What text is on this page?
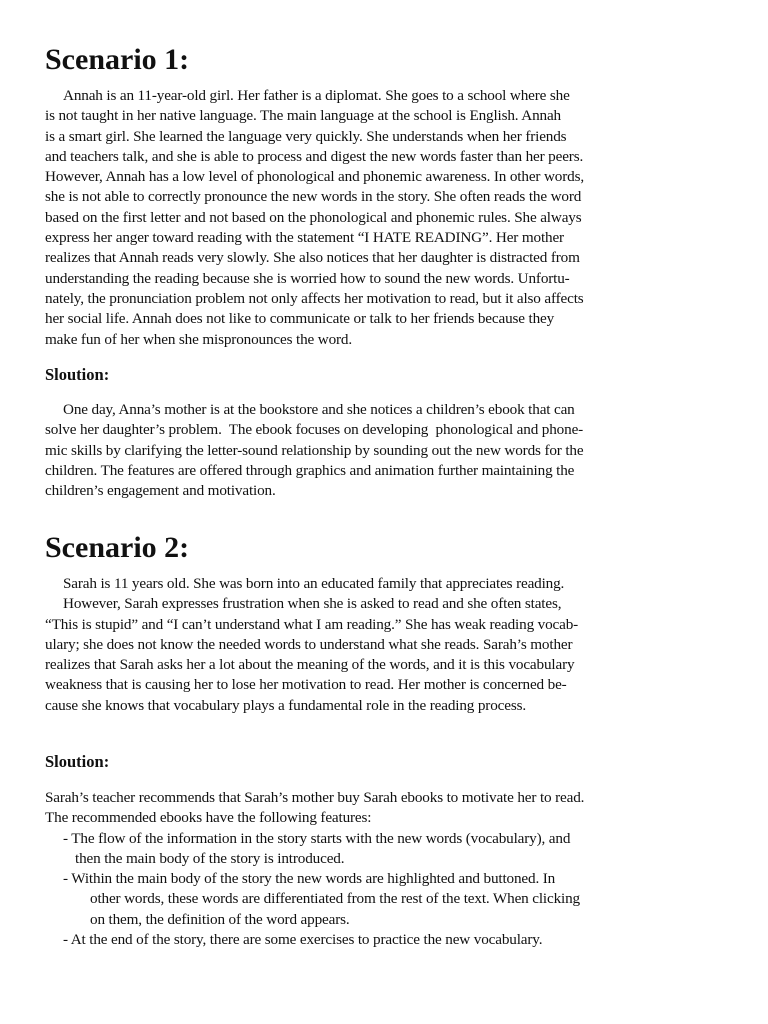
Scenario 1:
Annah is an 11-year-old girl. Her father is a diplomat. She goes to a school where she
is not taught in her native language. The main language at the school is English. Annah
is a smart girl. She learned the language very quickly. She understands when her friends
and teachers talk, and she is able to process and digest the new words faster than her peers.
However, Annah has a low level of phonological and phonemic awareness. In other words,
she is not able to correctly pronounce the new words in the story. She often reads the word
based on the first letter and not based on the phonological and phonemic rules. She always
express her anger toward reading with the statement “I HATE READING”. Her mother
realizes that Annah reads very slowly. She also notices that her daughter is distracted from
understanding the reading because she is worried how to sound the new words. Unfortu-
nately, the pronunciation problem not only affects her motivation to read, but it also affects
her social life. Annah does not like to communicate or talk to her friends because they
make fun of her when she mispronounces the word.
Sloution:
One day, Anna’s mother is at the bookstore and she notices a children’s ebook that can
solve her daughter’s problem.  The ebook focuses on developing  phonological and phone-
mic skills by clarifying the letter-sound relationship by sounding out the new words for the
children. The features are offered through graphics and animation further maintaining the
children’s engagement and motivation.
Scenario 2:
Sarah is 11 years old. She was born into an educated family that appreciates reading.
However, Sarah expresses frustration when she is asked to read and she often states,
“This is stupid” and “I can’t understand what I am reading.” She has weak reading vocab-
ulary; she does not know the needed words to understand what she reads. Sarah’s mother
realizes that Sarah asks her a lot about the meaning of the words, and it is this vocabulary
weakness that is causing her to lose her motivation to read. Her mother is concerned be-
cause she knows that vocabulary plays a fundamental role in the reading process.
Sloution:
Sarah’s teacher recommends that Sarah’s mother buy Sarah ebooks to motivate her to read.
The recommended ebooks have the following features:
- The flow of the information in the story starts with the new words (vocabulary), and
then the main body of the story is introduced.
- Within the main body of the story the new words are highlighted and buttoned. In
other words, these words are differentiated from the rest of the text. When clicking
on them, the definition of the word appears.
- At the end of the story, there are some exercises to practice the new vocabulary.
